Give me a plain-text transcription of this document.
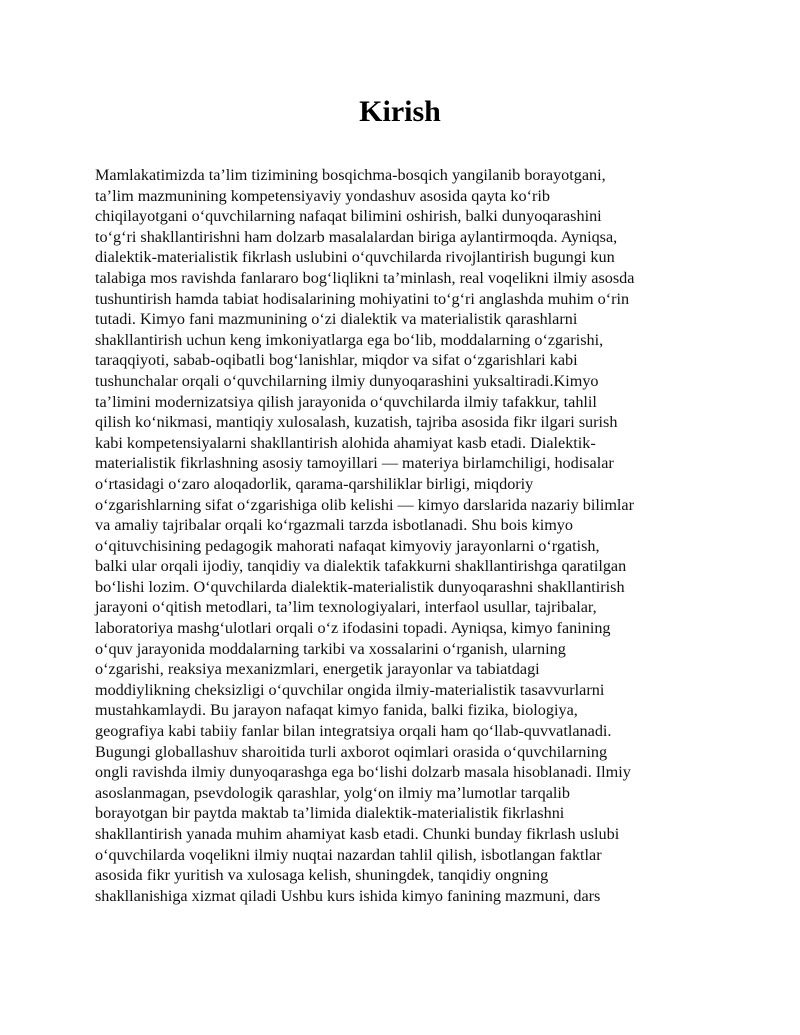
Kirish
Mamlakatimizda ta’lim tizimining bosqichma-bosqich yangilanib borayotgani,
ta’lim mazmunining kompetensiyaviy yondashuv asosida qayta ko‘rib
chiqilayotgani o‘quvchilarning nafaqat bilimini oshirish, balki dunyoqarashini
to‘g‘ri shakllantirishni ham dolzarb masalalardan biriga aylantirmoqda. Ayniqsa,
dialektik-materialistik fikrlash uslubini o‘quvchilarda rivojlantirish bugungi kun
talabiga mos ravishda fanlararo bog‘liqlikni ta’minlash, real voqelikni ilmiy asosda
tushuntirish hamda tabiat hodisalarining mohiyatini to‘g‘ri anglashda muhim o‘rin
tutadi. Kimyo fani mazmunining o‘zi dialektik va materialistik qarashlarni
shakllantirish uchun keng imkoniyatlarga ega bo‘lib, moddalarning o‘zgarishi,
taraqqiyoti, sabab-oqibatli bog‘lanishlar, miqdor va sifat o‘zgarishlari kabi
tushunchalar orqali o‘quvchilarning ilmiy dunyoqarashini yuksaltiradi.Kimyo
ta’limini modernizatsiya qilish jarayonida o‘quvchilarda ilmiy tafakkur, tahlil
qilish ko‘nikmasi, mantiqiy xulosalash, kuzatish, tajriba asosida fikr ilgari surish
kabi kompetensiyalarni shakllantirish alohida ahamiyat kasb etadi. Dialektik-
materialistik fikrlashning asosiy tamoyillari — materiya birlamchiligi, hodisalar
o‘rtasidagi o‘zaro aloqadorlik, qarama-qarshiliklar birligi, miqdoriy
o‘zgarishlarning sifat o‘zgarishiga olib kelishi — kimyo darslarida nazariy bilimlar
va amaliy tajribalar orqali ko‘rgazmali tarzda isbotlanadi. Shu bois kimyo
o‘qituvchisining pedagogik mahorati nafaqat kimyoviy jarayonlarni o‘rgatish,
balki ular orqali ijodiy, tanqidiy va dialektik tafakkurni shakllantirishga qaratilgan
bo‘lishi lozim. O‘quvchilarda dialektik-materialistik dunyoqarashni shakllantirish
jarayoni o‘qitish metodlari, ta’lim texnologiyalari, interfaol usullar, tajribalar,
laboratoriya mashg‘ulotlari orqali o‘z ifodasini topadi. Ayniqsa, kimyo fanining
o‘quv jarayonida moddalarning tarkibi va xossalarini o‘rganish, ularning
o‘zgarishi, reaksiya mexanizmlari, energetik jarayonlar va tabiatdagi
moddiylikning cheksizligi o‘quvchilar ongida ilmiy-materialistik tasavvurlarni
mustahkamlaydi. Bu jarayon nafaqat kimyo fanida, balki fizika, biologiya,
geografiya kabi tabiiy fanlar bilan integratsiya orqali ham qo‘llab-quvvatlanadi.
Bugungi globallashuv sharoitida turli axborot oqimlari orasida o‘quvchilarning
ongli ravishda ilmiy dunyoqarashga ega bo‘lishi dolzarb masala hisoblanadi. Ilmiy
asoslanmagan, psevdologik qarashlar, yolg‘on ilmiy ma’lumotlar tarqalib
borayotgan bir paytda maktab ta’limida dialektik-materialistik fikrlashni
shakllantirish yanada muhim ahamiyat kasb etadi. Chunki bunday fikrlash uslubi
o‘quvchilarda voqelikni ilmiy nuqtai nazardan tahlil qilish, isbotlangan faktlar
asosida fikr yuritish va xulosaga kelish, shuningdek, tanqidiy ongning
shakllanishiga xizmat qiladi Ushbu kurs ishida kimyo fanining mazmuni, dars
